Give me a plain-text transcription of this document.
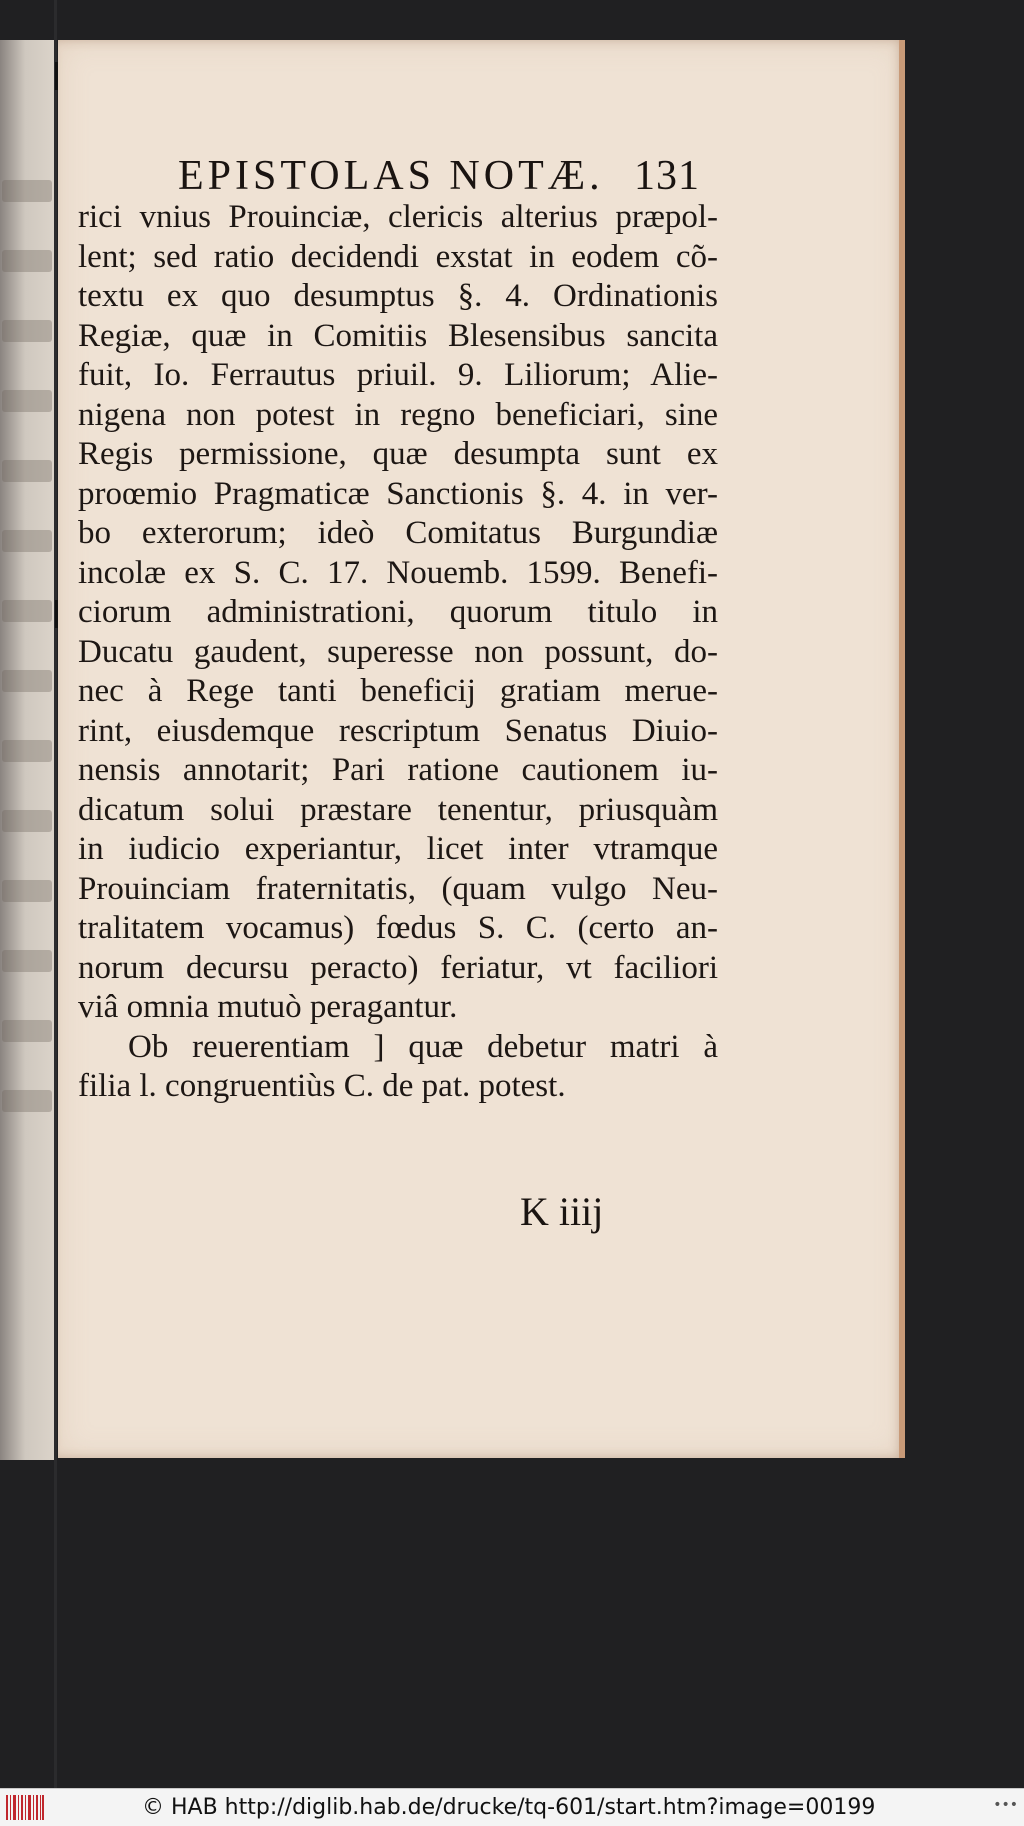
EPISTOLAS NOTÆ. 131
rici vnius Prouinciæ, clericis alterius præpol-
lent; sed ratio decidendi exstat in eodem cõ-
textu ex quo desumptus §. 4. Ordinationis
Regiæ, quæ in Comitiis Blesensibus sancita
fuit, Io. Ferrautus priuil. 9. Liliorum; Alie-
nigena non potest in regno beneficiari, sine
Regis permissione, quæ desumpta sunt ex
proœmio Pragmaticæ Sanctionis §. 4. in ver-
bo exterorum; ideò Comitatus Burgundiæ
incolæ ex S. C. 17. Nouemb. 1599. Benefi-
ciorum administrationi, quorum titulo in
Ducatu gaudent, superesse non possunt, do-
nec à Rege tanti beneficij gratiam merue-
rint, eiusdemque rescriptum Senatus Diuio-
nensis annotarit; Pari ratione cautionem iu-
dicatum solui præstare tenentur, priusquàm
in iudicio experiantur, licet inter vtramque
Prouinciam fraternitatis, (quam vulgo Neu-
tralitatem vocamus) fœdus S. C. (certo an-
norum decursu peracto) feriatur, vt faciliori
viâ omnia mutuò peragantur.
Ob reuerentiam ] quæ debetur matri à
filia l. congruentiùs C. de pat. potest.
K iiij
© HAB http://diglib.hab.de/drucke/tq-601/start.htm?image=00199	•••
